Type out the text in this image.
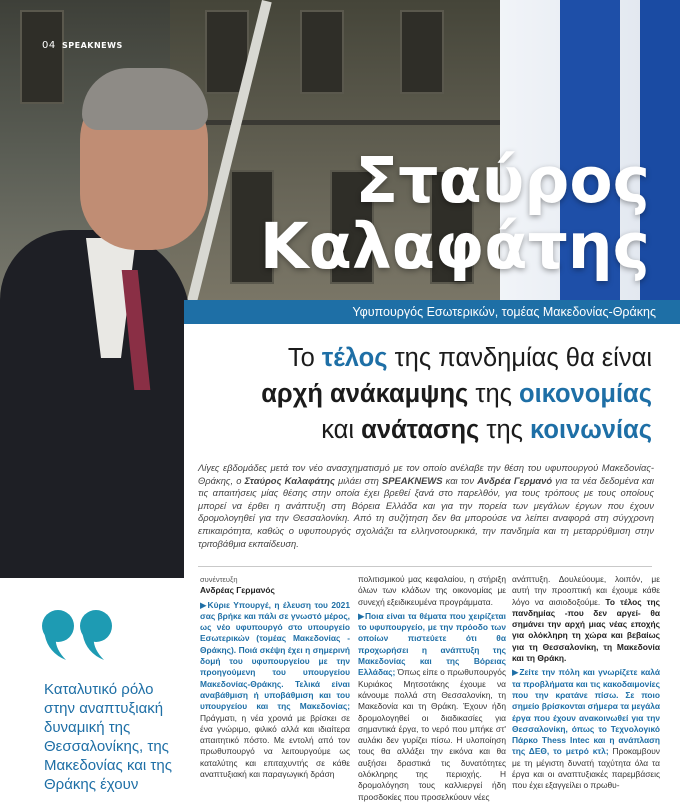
04 SPEAKNEWS
Σταύρος
Καλαφάτης
Υφυπουργός Εσωτερικών, τομέας Μακεδονίας-Θράκης
Το τέλος της πανδημίας θα είναι
αρχή ανάκαμψης της οικονομίας
και ανάτασης της κοινωνίας
Λίγες εβδομάδες μετά τον νέο ανασχηματισμό με τον οποίο ανέλαβε την θέση του υφυπουργού Μακεδονίας-Θράκης, ο Σταύρος Καλαφάτης μιλάει στη SPEAKNEWS και τον Ανδρέα Γερμανό για τα νέα δεδομένα και τις απαιτήσεις μίας θέσης στην οποία έχει βρεθεί ξανά στο παρελθόν, για τους τρόπους με τους οποίους μπορεί να έρθει η ανάπτυξη στη Βόρεια Ελλάδα και για την πορεία των μεγάλων έργων που έχουν δρομολογηθεί για την Θεσσαλονίκη. Από τη συζήτηση δεν θα μπορούσε να λείπει αναφορά στη σύγχρονη επικαιρότητα, καθώς ο υφυπουργός σχολιάζει τα ελληνοτουρκικά, την πανδημία και τη μεταρρύθμιση στην τριτοβάθμια εκπαίδευση.
Καταλυτικό ρόλο στην αναπτυξιακή δυναμική της Θεσσαλονίκης, της Μακεδονίας και της Θράκης έχουν

συνέντευξη
Ανδρέας Γερμανός

▶Κύριε Υπουργέ, η έλευση του 2021 σας βρήκε και πάλι σε γνωστό μέρος, ως νέο υφυπουργό στο υπουργείο Εσωτερικών (τομέας Μακεδονίας - Θράκης). Ποιά σκέψη έχει η σημερινή δομή του υφυπουργείου με την προηγούμενη του υπουργείου Μακεδονίας-Θράκης. Τελικά είναι αναβάθμιση ή υποβάθμιση και του υπουργείου και της Μακεδονίας; Πράγματι, η νέα χρονιά με βρίσκει σε ένα γνώριμο, φιλικό αλλά και ιδιαίτερα απαιτητικό πόστο. Με εντολή από τον πρωθυπουργό να λειτουργούμε ως καταλύτης και επιταχυντής σε κάθε αναπτυξιακή και παραγωγική δράση

πολιτισμικού μας κεφαλαίου, η στήριξη όλων των κλάδων της οικονομίας με συνεχή εξειδικευμένα προγράμματα.

▶Ποια είναι τα θέματα που χειρίζεται το υφυπουργείο, με την πρόοδο των οποίων πιστεύετε ότι θα προχωρήσει η ανάπτυξη της Μακεδονίας και της Βόρειας Ελλάδας; Όπως είπε ο πρωθυπουργός Κυριάκος Μητσοτάκης έχουμε να κάνουμε πολλά στη Θεσσαλονίκη, τη Μακεδονία και τη Θράκη. Έχουν ήδη δρομολογηθεί οι διαδικασίες για σημαντικά έργα, το νερό που μπήκε στ' αυλάκι δεν γυρίζει πίσω. Η υλοποίηση τους θα αλλάξει την εικόνα και θα αυξήσει δραστικά τις δυνατότητες ολόκληρης της περιοχής. Η δρομολόγηση τους καλλιεργεί ήδη προσδοκίες που προσελκύουν νέες

ανάπτυξη. Δουλεύουμε, λοιπόν, με αυτή την προοπτική και έχουμε κάθε λόγο να αισιοδοξούμε. Το τέλος της πανδημίας -που δεν αργεί- θα σημάνει την αρχή μιας νέας εποχής για ολόκληρη τη χώρα και βεβαίως για τη Θεσσαλονίκη, τη Μακεδονία και τη Θράκη.

▶Ζείτε την πόλη και γνωρίζετε καλά τα προβλήματα και τις κακοδαιμονίες που την κρατάνε πίσω. Σε ποιο σημείο βρίσκονται σήμερα τα μεγάλα έργα που έχουν ανακοινωθεί για την Θεσσαλονίκη, όπως το Τεχνολογικό Πάρκο Thess Intec και η ανάπλαση της ΔΕΘ, το μετρό κτλ; Προκαμβουν με τη μέγιστη δυνατή ταχύτητα όλα τα έργα και οι αναπτυξιακές παρεμβάσεις που έχει εξαγγείλει ο πρωθυ-
